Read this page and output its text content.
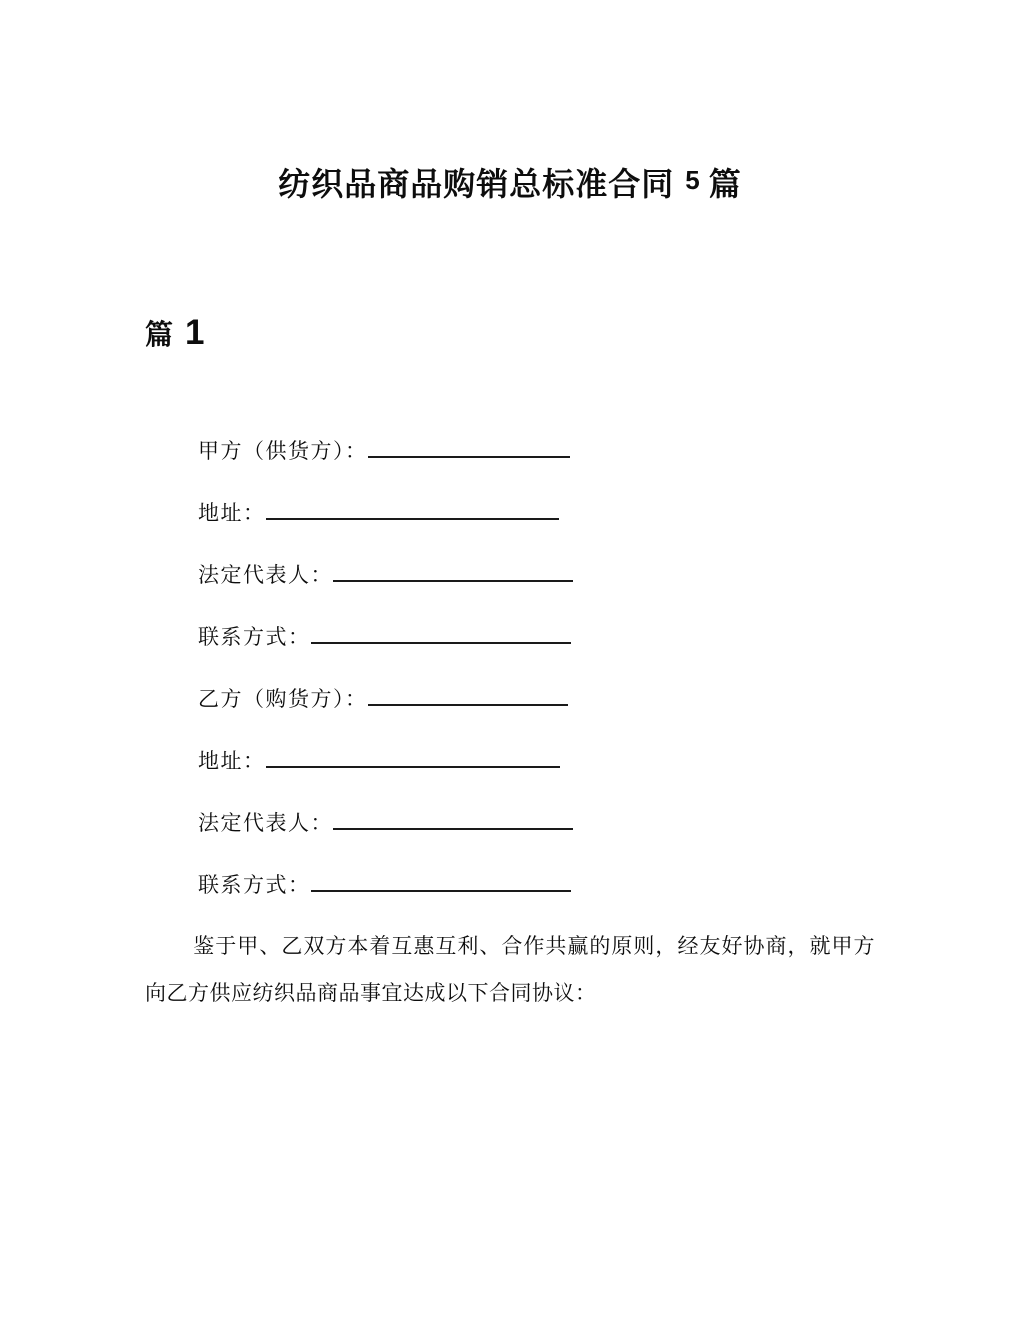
纺织品商品购销总标准合同 5 篇
篇 1
甲方（供货方）：
地址：
法定代表人：
联系方式：
乙方（购货方）：
地址：
法定代表人：
联系方式：

鉴于甲、乙双方本着互惠互利、合作共赢的原则，经友好协商，就甲方向乙方供应纺织品商品事宜达成以下合同协议：
